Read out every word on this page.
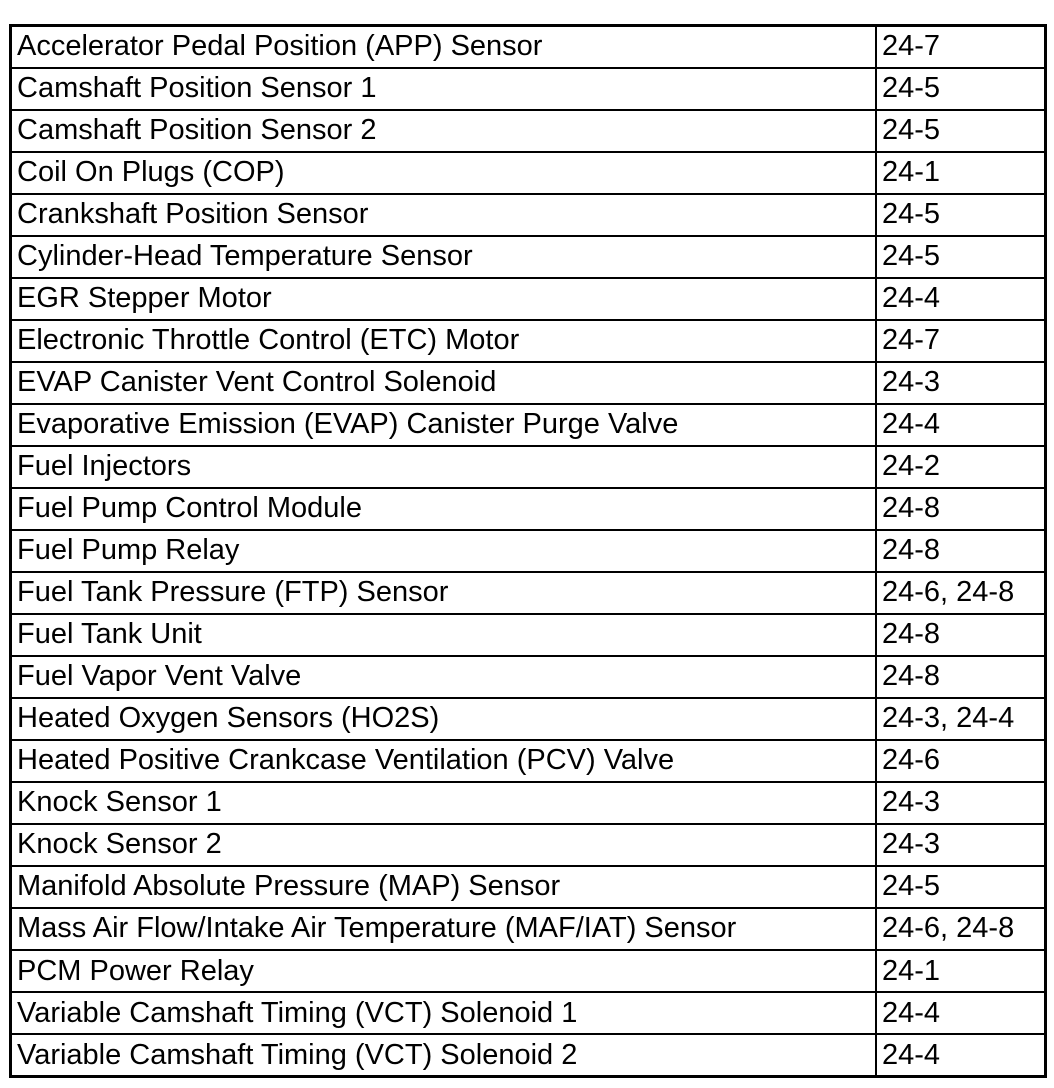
Accelerator Pedal Position (APP) Sensor	24-7
Camshaft Position Sensor 1	24-5
Camshaft Position Sensor 2	24-5
Coil On Plugs (COP)	24-1
Crankshaft Position Sensor	24-5
Cylinder-Head Temperature Sensor	24-5
EGR Stepper Motor	24-4
Electronic Throttle Control (ETC) Motor	24-7
EVAP Canister Vent Control Solenoid	24-3
Evaporative Emission (EVAP) Canister Purge Valve	24-4
Fuel Injectors	24-2
Fuel Pump Control Module	24-8
Fuel Pump Relay	24-8
Fuel Tank Pressure (FTP) Sensor	24-6, 24-8
Fuel Tank Unit	24-8
Fuel Vapor Vent Valve	24-8
Heated Oxygen Sensors (HO2S)	24-3, 24-4
Heated Positive Crankcase Ventilation (PCV) Valve	24-6
Knock Sensor 1	24-3
Knock Sensor 2	24-3
Manifold Absolute Pressure (MAP) Sensor	24-5
Mass Air Flow/Intake Air Temperature (MAF/IAT) Sensor	24-6, 24-8
PCM Power Relay	24-1
Variable Camshaft Timing (VCT) Solenoid 1	24-4
Variable Camshaft Timing (VCT) Solenoid 2	24-4
